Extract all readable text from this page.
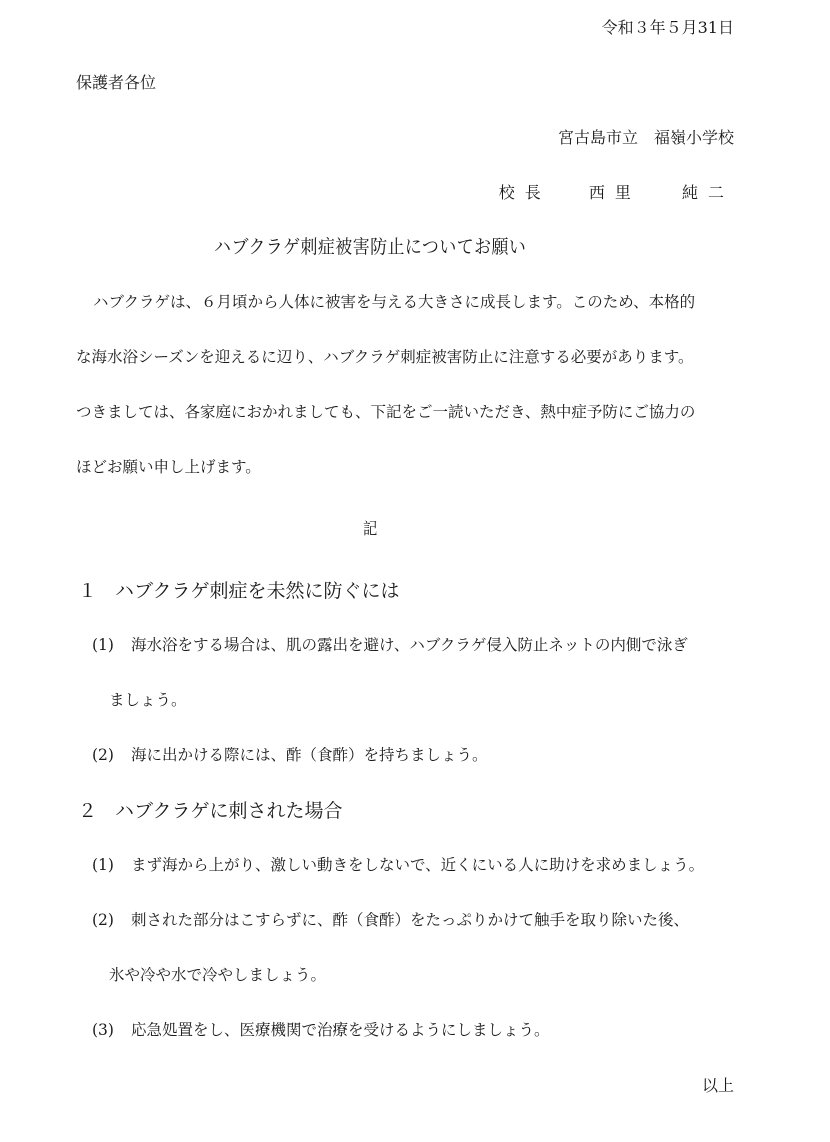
令和３年５月31日
保護者各位
宮古島市立　福嶺小学校
校長 西里　 純二
ハブクラゲ刺症被害防止についてお願い
ハブクラゲは、６月頃から人体に被害を与える大きさに成長します。このため、本格的
な海水浴シーズンを迎えるに辺り、ハブクラゲ刺症被害防止に注意する必要があります。
つきましては、各家庭におかれましても、下記をご一読いただき、熱中症予防にご協力の
ほどお願い申し上げます。
記
１ ハブクラゲ刺症を未然に防ぐには
(1) 海水浴をする場合は、肌の露出を避け、ハブクラゲ侵入防止ネットの内側で泳ぎ
ましょう。
(2) 海に出かける際には、酢（食酢）を持ちましょう。
２ ハブクラゲに刺された場合
(1) まず海から上がり、激しい動きをしないで、近くにいる人に助けを求めましょう。
(2) 刺された部分はこすらずに、酢（食酢）をたっぷりかけて触手を取り除いた後、
氷や冷や水で冷やしましょう。
(3) 応急処置をし、医療機関で治療を受けるようにしましょう。
以上
